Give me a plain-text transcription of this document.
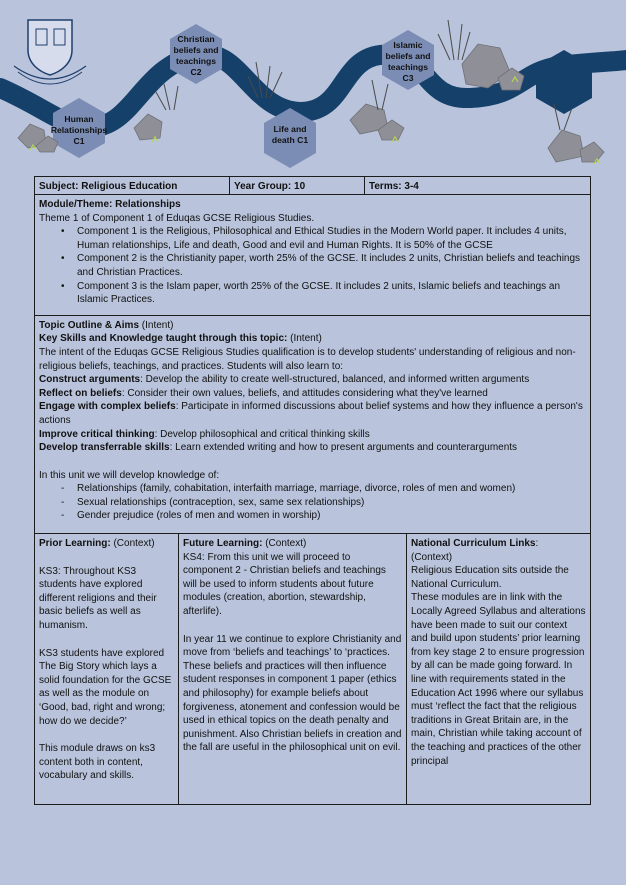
Human
Relationships
C1
Christian
beliefs and
teachings
C2
Life and
death C1
Islamic
beliefs and
teachings
C3
Subject: Religious Education	Year Group: 10	Terms: 3-4
Module/Theme: Relationships
Theme 1 of Component 1 of Eduqas GCSE Religious Studies.
• Component 1 is the Religious, Philosophical and Ethical Studies in the Modern World paper. It includes 4 units, Human relationships, Life and death, Good and evil and Human Rights. It is 50% of the GCSE
• Component 2 is the Christianity paper, worth 25% of the GCSE. It includes 2 units, Christian beliefs and teachings and Christian Practices.
• Component 3 is the Islam paper, worth 25% of the GCSE. It includes 2 units, Islamic beliefs and teachings an Islamic Practices.
Topic Outline & Aims (Intent)
Key Skills and Knowledge taught through this topic: (Intent)
The intent of the Eduqas GCSE Religious Studies qualification is to develop students' understanding of religious and non-religious beliefs, teachings, and practices. Students will also learn to:
Construct arguments: Develop the ability to create well-structured, balanced, and informed written arguments
Reflect on beliefs: Consider their own values, beliefs, and attitudes considering what they've learned
Engage with complex beliefs: Participate in informed discussions about belief systems and how they influence a person's actions
Improve critical thinking: Develop philosophical and critical thinking skills
Develop transferrable skills: Learn extended writing and how to present arguments and counterarguments
In this unit we will develop knowledge of:
- Relationships (family, cohabitation, interfaith marriage, marriage, divorce, roles of men and women)
- Sexual relationships (contraception, sex, same sex relationships)
- Gender prejudice (roles of men and women in worship)
Prior Learning: (Context)

KS3: Throughout KS3 students have explored different religions and their basic beliefs as well as humanism.

KS3 students have explored The Big Story which lays a solid foundation for the GCSE as well as the module on ‘Good, bad, right and wrong; how do we decide?’

This module draws on ks3 content both in content, vocabulary and skills.

Future Learning: (Context)

KS4: From this unit we will proceed to component 2 - Christian beliefs and teachings will be used to inform students about future modules (creation, abortion, stewardship, afterlife).

In year 11 we continue to explore Christianity and move from ‘beliefs and teachings’ to ‘practices. These beliefs and practices will then influence student responses in component 1 paper (ethics and philosophy) for example beliefs about forgiveness, atonement and confession would be used in ethical topics on the death penalty and punishment. Also Christian beliefs in creation and the fall are useful in the philosophical unit on evil.

National Curriculum Links:
(Context)

Religious Education sits outside the National Curriculum.

These modules are in link with the Locally Agreed Syllabus and alterations have been made to suit our context and build upon students’ prior learning from key stage 2 to ensure progression by all can be made going forward. In line with requirements stated in the Education Act 1996 where our syllabus must ‘reflect the fact that the religious traditions in Great Britain are, in the main, Christian while taking account of the teaching and practices of the other principal
